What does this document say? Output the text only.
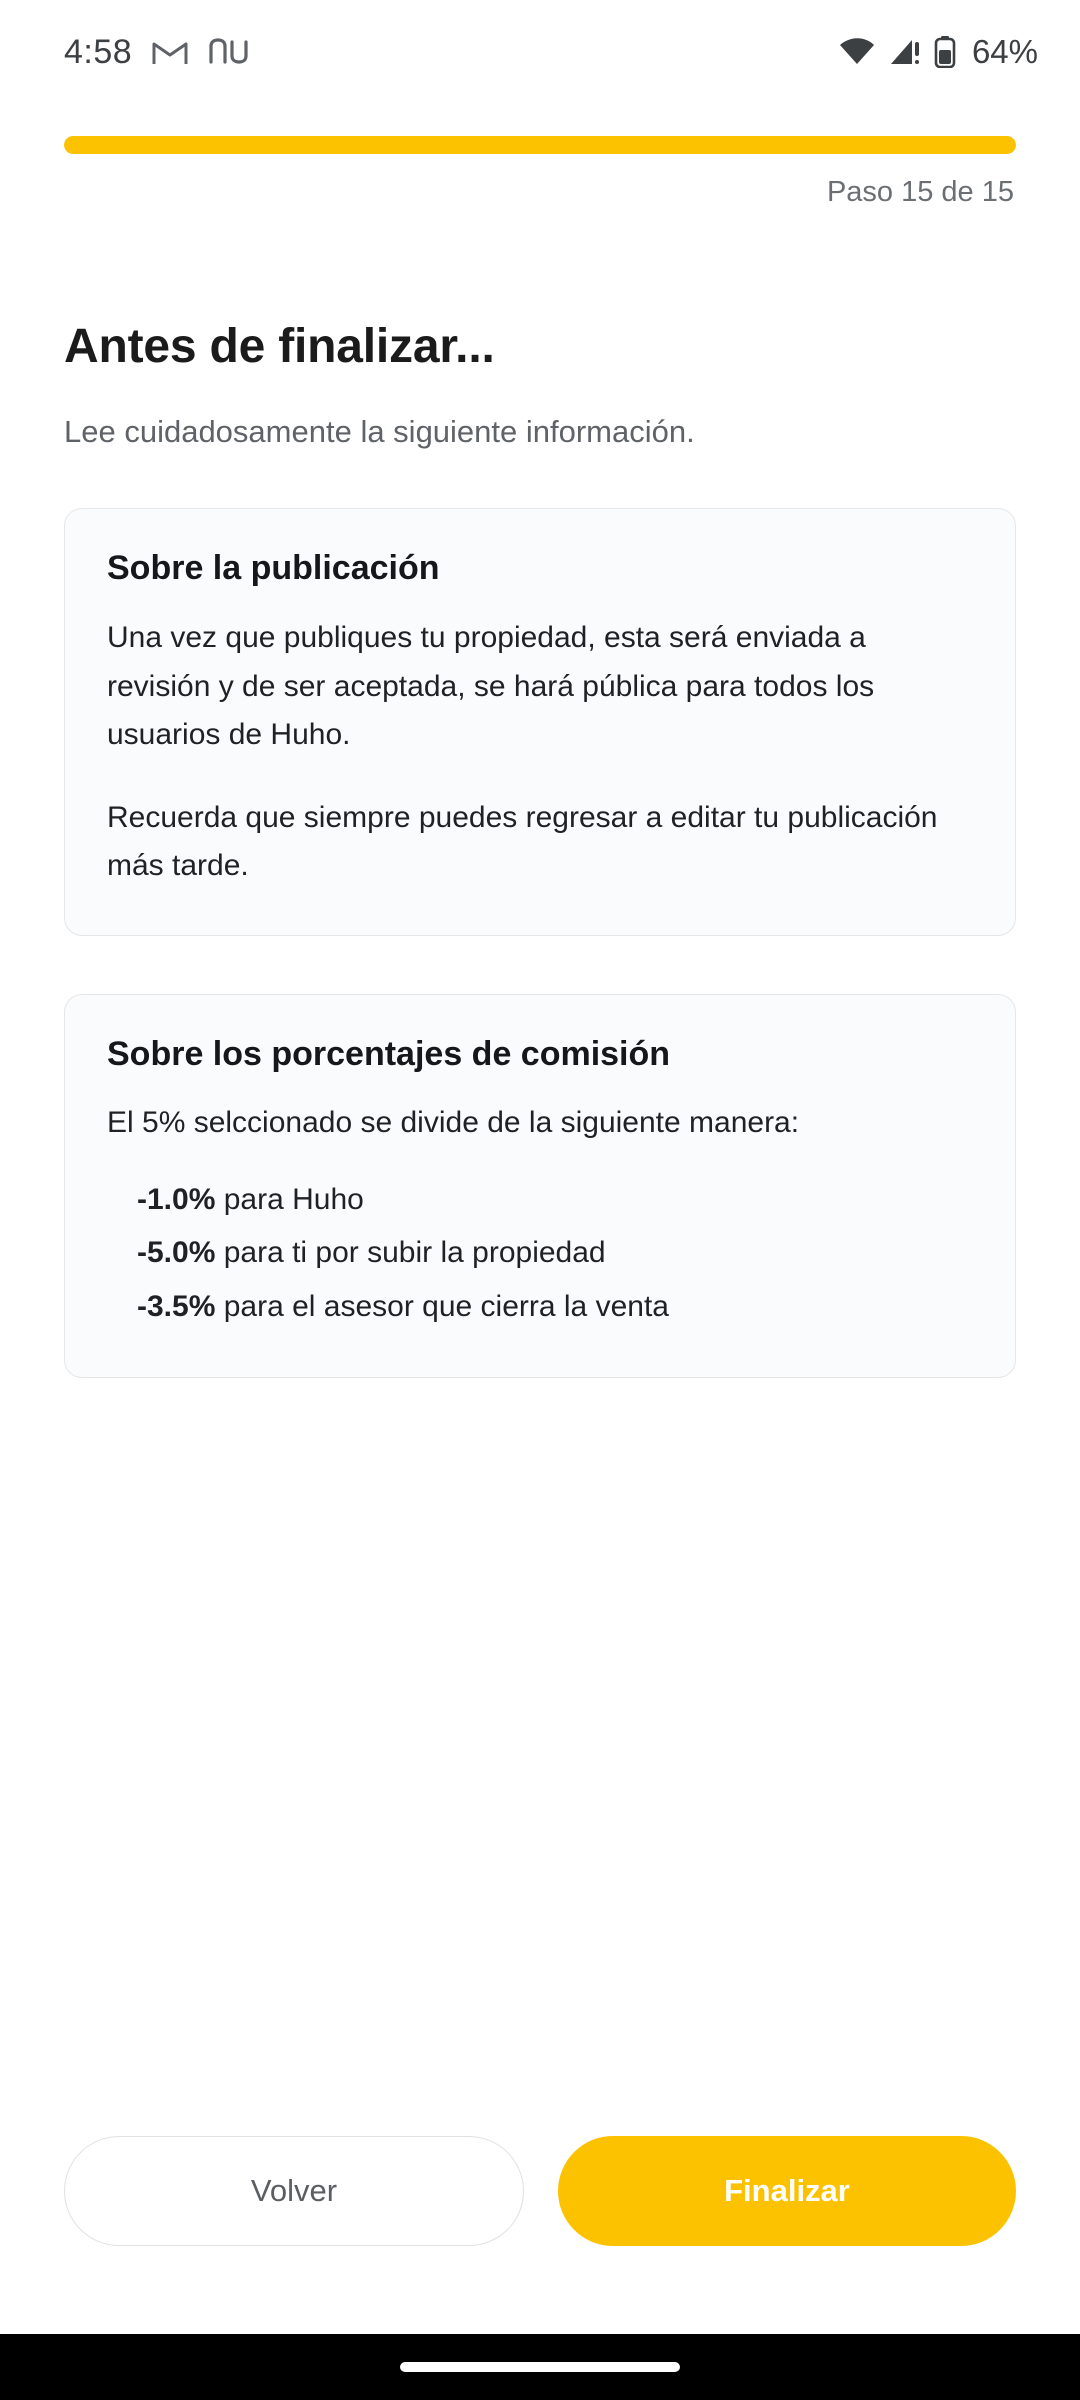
4:58	64%
Paso 15 de 15
Antes de finalizar...

Lee cuidadosamente la siguiente información.

Sobre la publicación

Una vez que publiques tu propiedad, esta será enviada a revisión y de ser aceptada, se hará pública para todos los usuarios de Huho.

Recuerda que siempre puedes regresar a editar tu publicación más tarde.

Sobre los porcentajes de comisión

El 5% selccionado se divide de la siguiente manera:

-1.0% para Huho
-5.0% para ti por subir la propiedad
-3.5% para el asesor que cierra la venta
Volver	Finalizar
